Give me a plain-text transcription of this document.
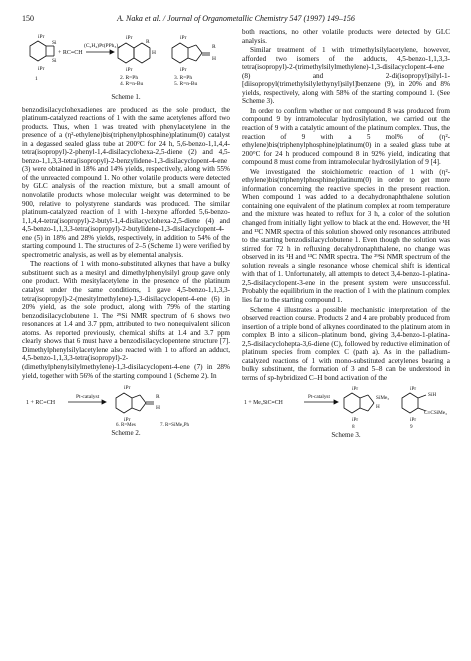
150	A. Naka et al. / Journal of Organometallic Chemistry 547 (1997) 149–156
iPr
Si
Si
iPr
+ RC≡CH
(C₂H₄)Pt(PPh₃)₂
iPr
R
H
iPr
iPr
R
H
iPr
1	2. R=Ph
4. R=n-Bu
3. R=Ph
5. R=n-Bu
Scheme 1.

benzodisilacyclohexadienes are produced as the sole product, the platinum-catalyzed reactions of 1 with the same acetylenes afford two products. Thus, when 1 was treated with phenylacetylene in the presence of a (η²-ethylene)bis(triphenylphosphine)platinum(0) catalyst in a degassed sealed glass tube at 200°C for 24 h, 5,6-benzo-1,1,4,4-tetra(isopropyl)-2-phenyl-1,4-disilacyclohexa-2,5-diene (2) and 4,5-benzo-1,1,3,3-tetra(isopropyl)-2-benzylidene-1,3-disilacyclopent-4-ene (3) were obtained in 18% and 14% yields, respectively, along with 55% of the unreacted compound 1. No other volatile products were detected by GLC analysis of the reaction mixture, but a small amount of nonvolatile products whose molecular weight was determined to be 900, relative to polystyrene standards was produced. The similar platinum-catalyzed reaction of 1 with 1-hexyne afforded 5,6-benzo-1,1,4,4-tetra(isopropyl)-2-butyl-1,4-disilacyclohexa-2,5-diene (4) and 4,5-benzo-1,1,3,3-tetra(isopropyl)-2-butylidene-1,3-disilacyclopent-4-ene (5) in 18% and 28% yields, respectively, in addition to 54% of the starting compound 1. The structures of 2–5 (Scheme 1) were verified by spectrometric analysis, as well as by elemental analysis.

The reactions of 1 with mono-substituted alkynes that have a bulky substituent such as a mesityl and dimethylphenylsilyl group gave only one product. With mesitylacetylene in the presence of the platinum catalyst under the same conditions, 1 gave 4,5-benzo-1,1,3,3-tetra(isopropyl)-2-(mesitylmethylene)-1,3-disilacyclopent-4-ene (6) in 20% yield, as the sole product, along with 79% of the starting benzodisilacyclobutene 1. The ²⁹Si NMR spectrum of 6 shows two resonances at 1.4 and 3.7 ppm, attributed to two nonequivalent silicon atoms. As reported previously, chemical shifts at 1.4 and 3.7 ppm clearly shows that 6 must have a benzodisilacyclopentene structure [7]. Dimethylphenylsilylacetylene also reacted with 1 to afford an adduct, 4,5-benzo-1,1,3,3-tetra(isopropyl)-2-(dimethylphenylsilylmethylene)-1,3-disilacyclopent-4-ene (7) in 28% yield, together with 56% of the starting compound 1 (Scheme 2). In

1 + RC≡CH
Pt-catalyst
iPr
R
H
iPr
6. R=Mes	7. R=SiMe₂Ph
Scheme 2.

both reactions, no other volatile products were detected by GLC analysis.

Similar treatment of 1 with trimethylsilylacetylene, however, afforded two isomers of the adducts, 4,5-benzo-1,1,3,3-tetra(isopropyl)-2-(trimethylsilylmethylene)-1,3-disilacyclopent-4-ene (8) and 2-di(isopropyl)silyl-1-[diisopropyl(trimethylsilylethynyl)silyl]benzene (9), in 20% and 8% yields, respectively, along with 58% of the starting compound 1. (See Scheme 3).

In order to confirm whether or not compound 8 was produced from compound 9 by intramolecular hydrosilylation, we carried out the reaction of 9 with a catalytic amount of the platinum complex. Thus, the reaction of 9 with a 5 mol% of (η²-ethylene)bis(triphenylphosphine)platinum(0) in a sealed glass tube at 200°C for 24 h produced compound 8 in 92% yield, indicating that compound 8 must come from intramolecular hydrosilylation of 9 [4].

We investigated the stoichiometric reaction of 1 with (η²-ethylene)bis(triphenylphosphine)platinum(0) in order to get more information concerning the reactive species in the present reaction. When compound 1 was added to a decahydronaphthalene solution containing one equivalent of the platinum complex at room temperature and the mixture was heated to reflux for 3 h, a color of the solution changed from initially light yellow to black at the end. However, the ¹H and ¹³C NMR spectra of this solution showed only resonances attributed to the starting benzodisilacyclobutene 1. Even though the solution was stirred for 72 h in refluxing decahydronaphthalene, no change was observed in its ¹H and ¹³C NMR spectra. The ²⁹Si NMR spectrum of the solution reveals a single resonance whose chemical shift is identical with that of 1. Unfortunately, all attempts to detect 3,4-benzo-1-platina-2,5-disilacyclopent-3-ene in the present system were unsuccessful. Probably the equilibrium in the reaction of 1 with the platinum complex lies far to the starting compound 1.

Scheme 4 illustrates a possible mechanistic interpretation of the observed reaction course. Products 2 and 4 are probably produced from insertion of a triple bond of alkynes coordinated to the platinum atom in complex B into a silicon–platinum bond, giving 3,4-benzo-1-platina-2,5-disilacyclohepta-3,6-diene (C), followed by reductive elimination of platinum species from complex C (path a). As in the palladium-catalyzed reactions of 1 with mono-substituted acetylenes bearing a bulky substituent, the formation of 3 and 5–8 can be understood in terms of sp-hybridized C–H bond activation of the

1 + Me₃SiC≡CH
Pt-catalyst
iPr
SiMe₃
H
iPr
iPr
SiH
C≡CSiMe₃
iPr
8	9
Scheme 3.
